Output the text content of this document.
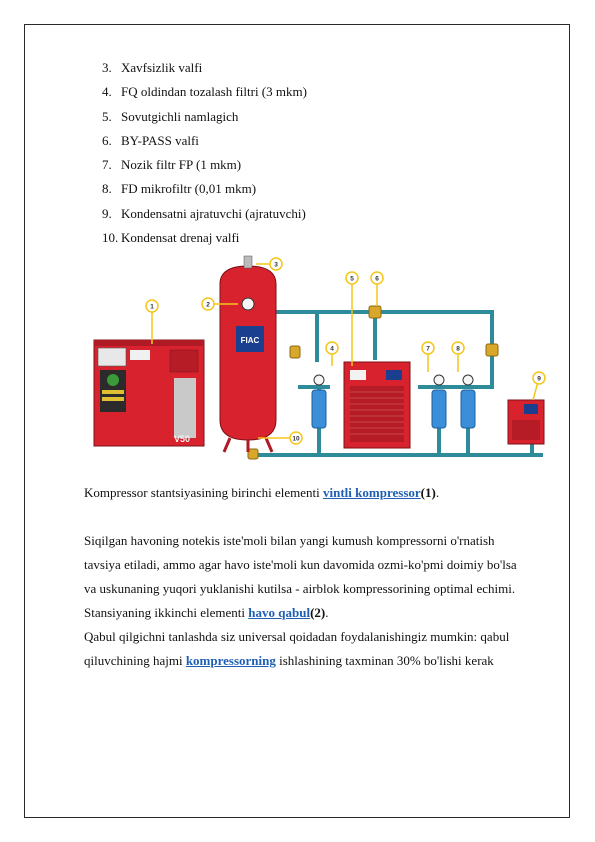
3. Xavfsizlik valfi
4. FQ oldindan tozalash filtri (3 mkm)
5. Sovutgichli namlagich
6. BY-PASS valfi
7. Nozik filtr FP (1 mkm)
8. FD mikrofiltr (0,01 mkm)
9. Kondensatni ajratuvchi (ajratuvchi)
10. Kondensat drenaj valfi
V50
FIAC
1	2
3
4
5	6
7	8
9
10
Kompressor stantsiyasining birinchi elementi vintli kompressor(1).
Siqilgan havoning notekis iste'moli bilan yangi kumush kompressorni o'rnatish
tavsiya etiladi, ammo agar havo iste'moli kun davomida ozmi-ko'pmi doimiy bo'lsa
va uskunaning yuqori yuklanishi kutilsa - airblok kompressorining optimal echimi.
Stansiyaning ikkinchi elementi havo qabul(2).
Qabul qilgichni tanlashda siz universal qoidadan foydalanishingiz mumkin: qabul
qiluvchining hajmi kompressorning ishlashining taxminan 30% bo'lishi kerak
